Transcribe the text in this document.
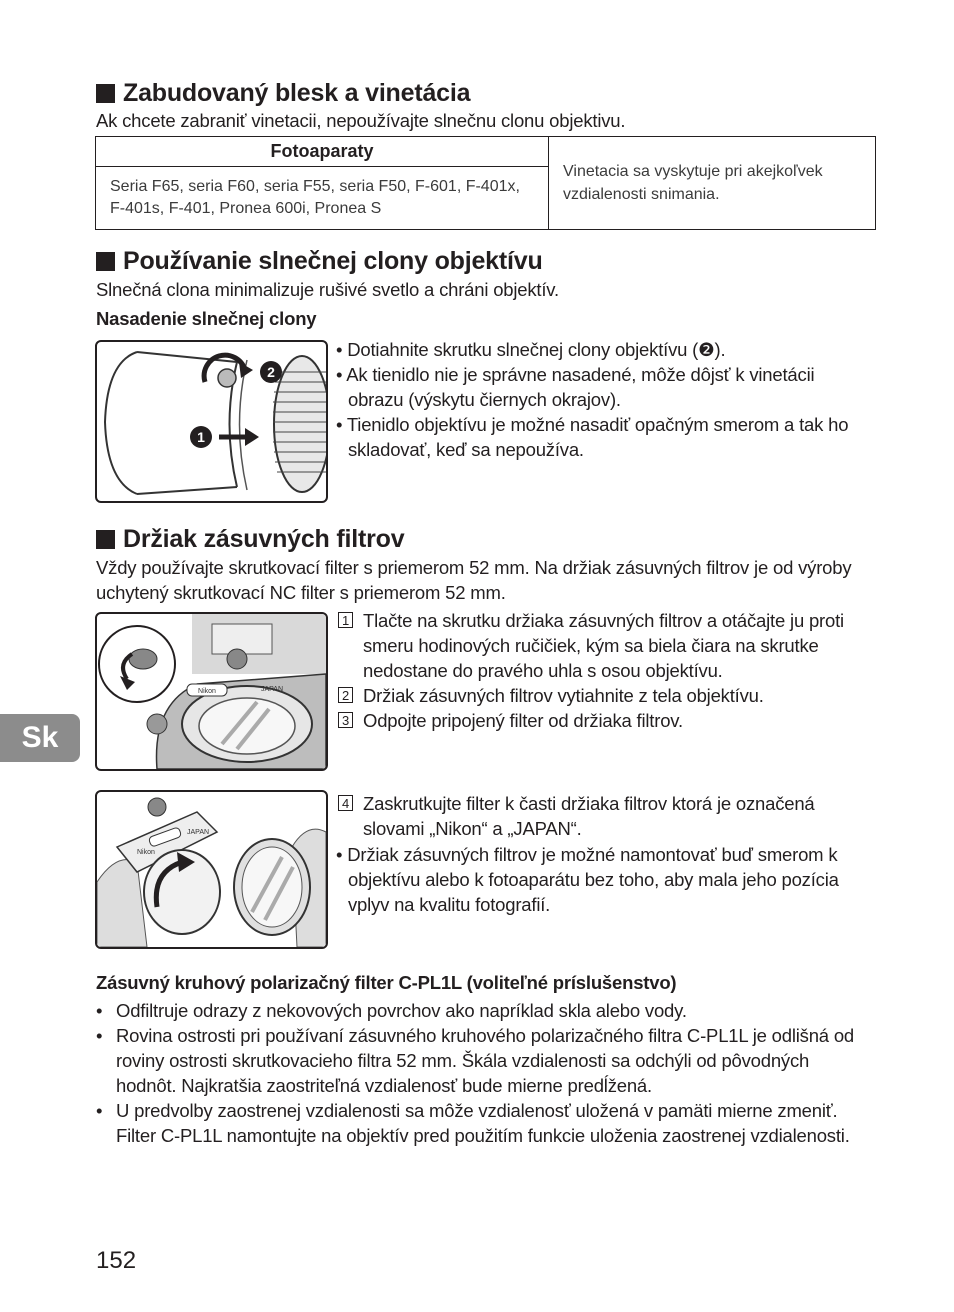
Zabudovaný blesk a vinetácia
Ak chcete zabraniť vinetacii, nepoužívajte slnečnu clonu objektivu.
Fotoaparaty	Vinetacia sa vyskytuje pri akejkoľvek vzdialenosti snimania.
Seria F65, seria F60, seria F55, seria F50, F-601, F-401x, F-401s, F-401, Pronea 600i, Pronea S
Používanie slnečnej clony objektívu
Slnečná clona minimalizuje rušivé svetlo a chráni objektív.
Nasadenie slnečnej clony
1
2

• Dotiahnite skrutku slnečnej clony objektívu (❷).

• Ak tienidlo nie je správne nasadené, môže dôjsť k vinetácii obrazu (výskytu čiernych okrajov).

• Tienidlo objektívu je možné nasadiť opačným smerom a tak ho skladovať, keď sa nepoužíva.

Držiak zásuvných filtrov
Vždy používajte skrutkovací filter s priemerom 52 mm. Na držiak zásuvných filtrov je od výroby uchytený skrutkovací NC filter s priemerom 52 mm.
Nikon	JAPAN

1 Tlačte na skrutku držiaka zásuvných filtrov a otáčajte ju proti smeru hodinových ručičiek, kým sa biela čiara na skrutke nedostane do pravého uhla s osou objektívu.

2 Držiak zásuvných filtrov vytiahnite z tela objektívu.

3 Odpojte pripojený filter od držiaka filtrov.

Nikon
JAPAN

4 Zaskrutkujte filter k časti držiaka filtrov ktorá je označená slovami „Nikon“ a „JAPAN“.

• Držiak zásuvných filtrov je možné namontovať buď smerom k objektívu alebo k fotoaparátu bez toho, aby mala jeho pozícia vplyv na kvalitu fotografií.

Zásuvný kruhový polarizačný filter C-PL1L (voliteľné príslušenstvo)

• Odfiltruje odrazy z nekovových povrchov ako napríklad skla alebo vody.

• Rovina ostrosti pri používaní zásuvného kruhového polarizačného filtra C-PL1L je odlišná od roviny ostrosti skrutkovacieho filtra 52 mm. Škála vzdialenosti sa odchýli od pôvodných hodnôt. Najkratšia zaostriteľná vzdialenosť bude mierne predĺžená.

• U predvolby zaostrenej vzdialenosti sa môže vzdialenosť uložená v pamäti mierne zmeniť. Filter C-PL1L namontujte na objektív pred použitím funkcie uloženia zaostrenej vzdialenosti.

Sk
152
